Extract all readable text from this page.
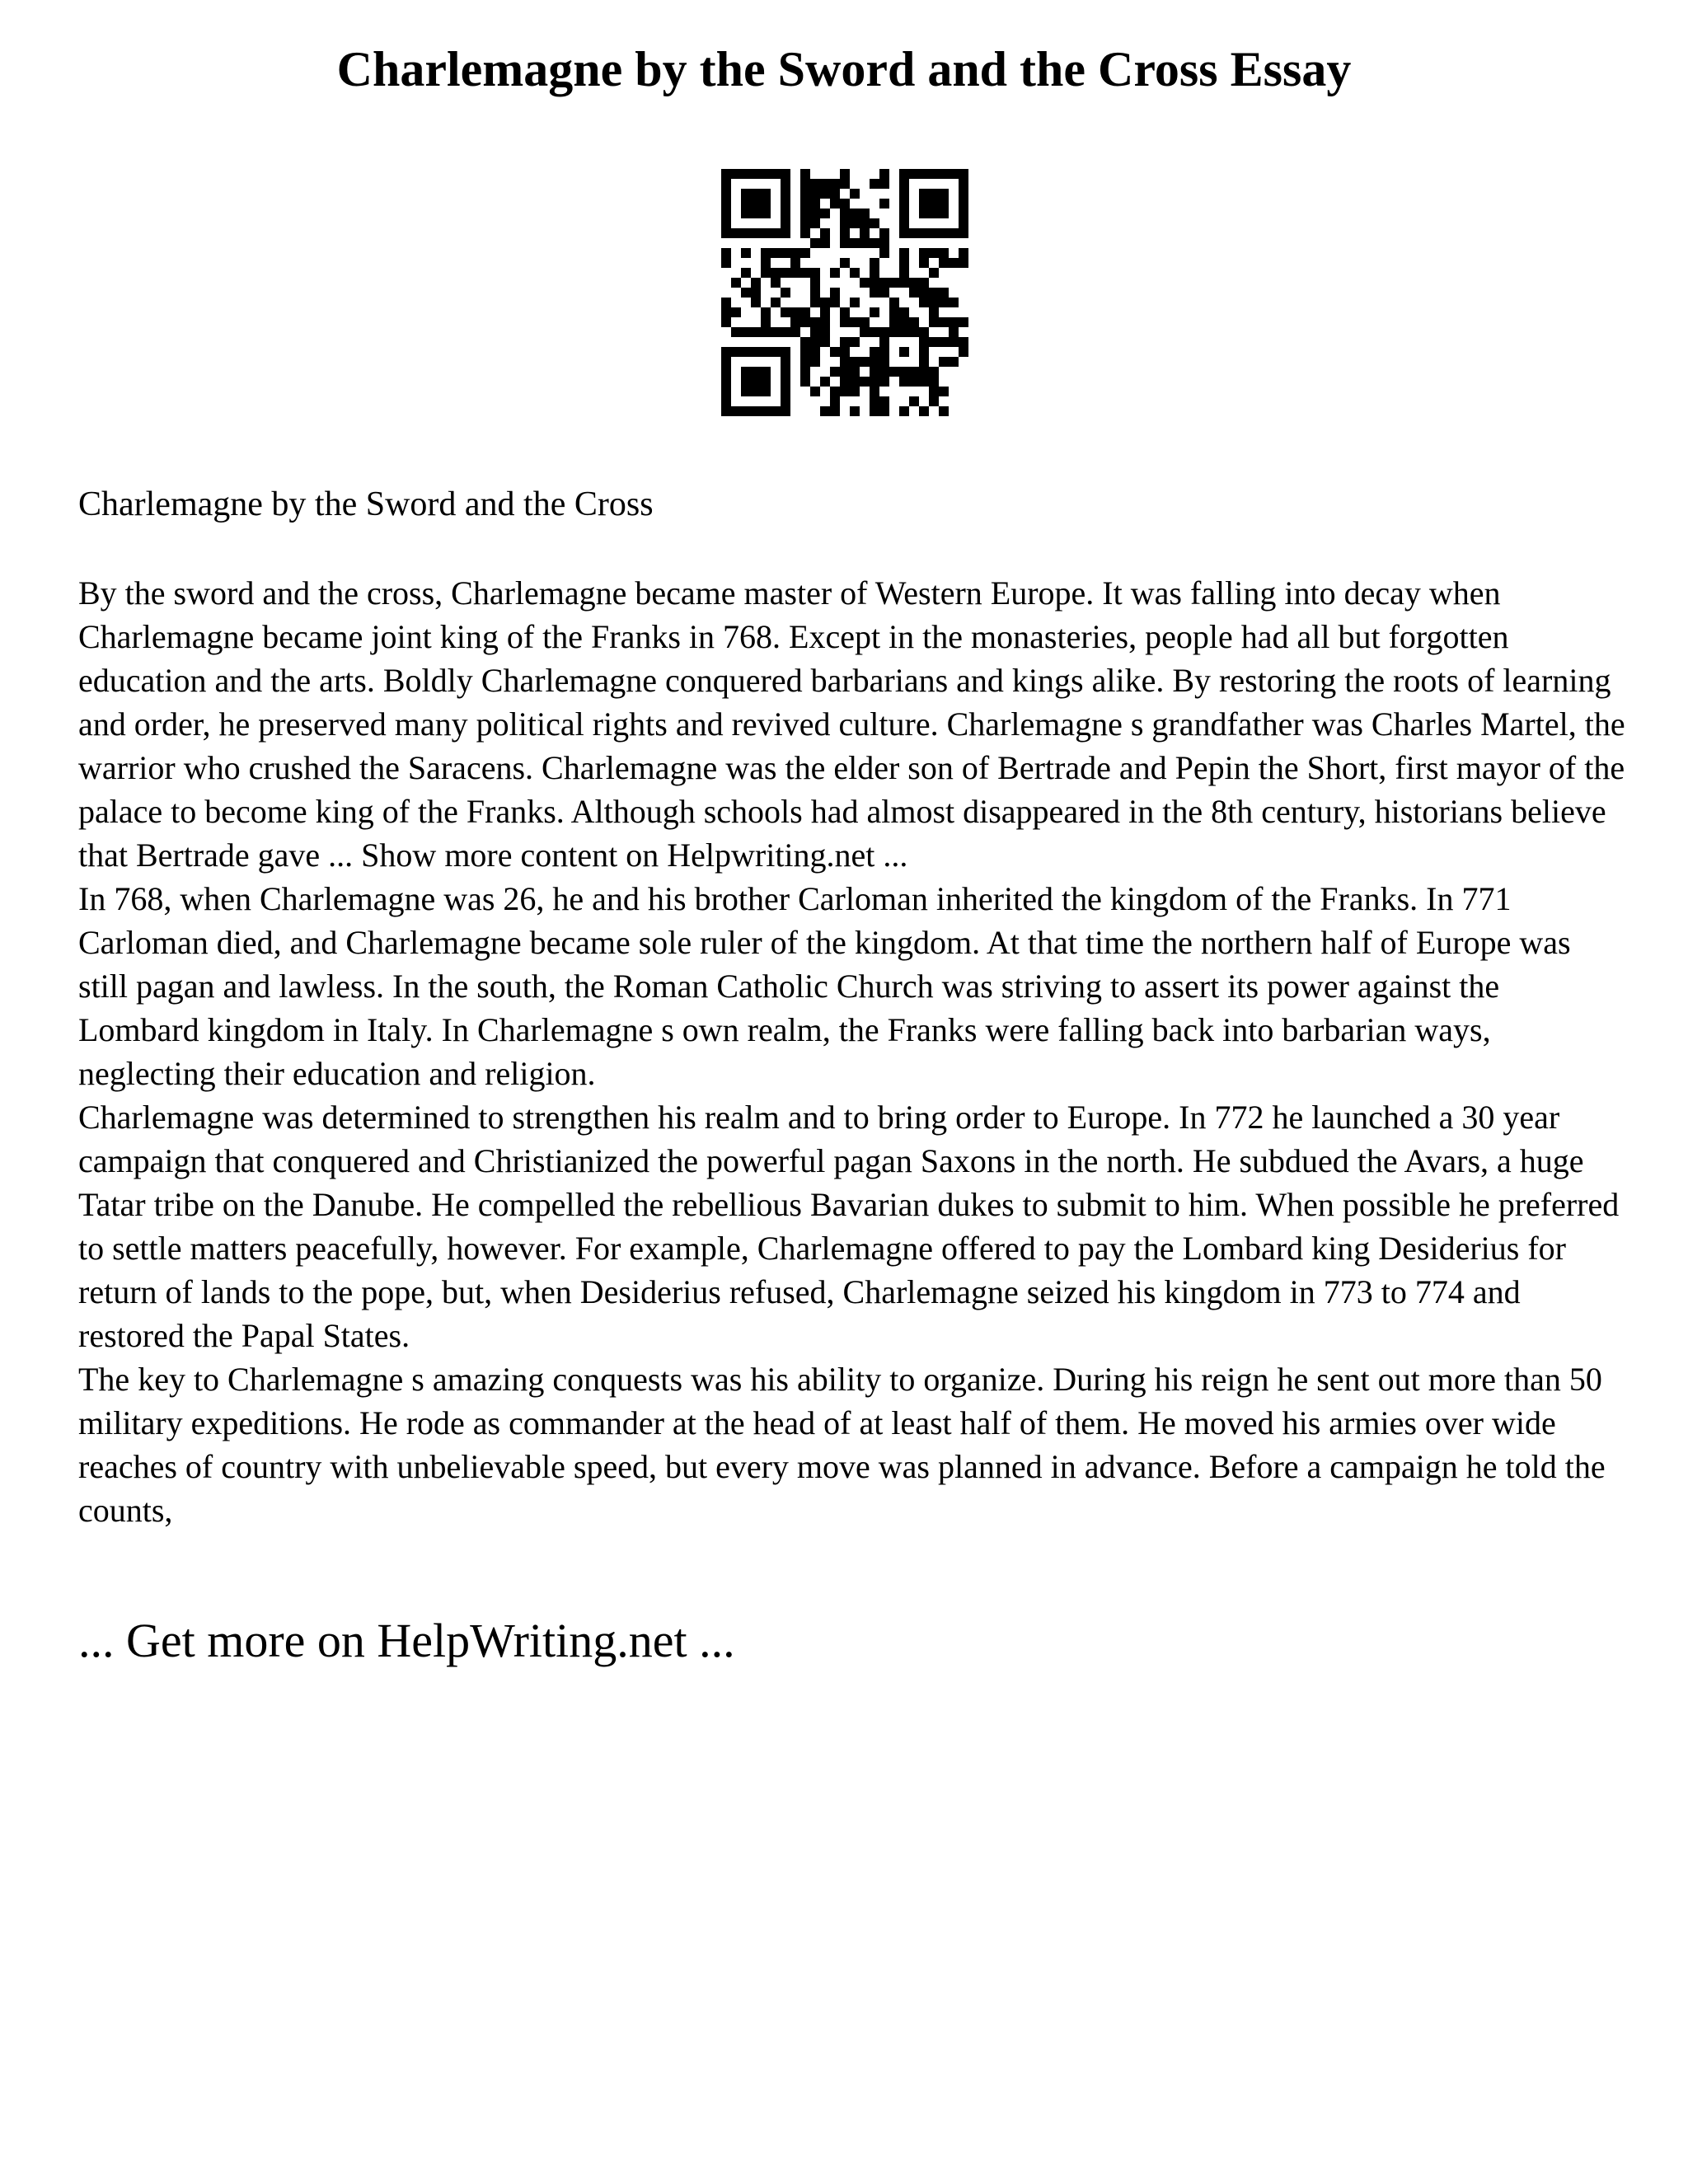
Charlemagne by the Sword and the Cross Essay

Charlemagne by the Sword and the Cross

By the sword and the cross, Charlemagne became master of Western Europe. It was falling into decay when Charlemagne became joint king of the Franks in 768. Except in the monasteries, people had all but forgotten education and the arts. Boldly Charlemagne conquered barbarians and kings alike. By restoring the roots of learning and order, he preserved many political rights and revived culture. Charlemagne s grandfather was Charles Martel, the warrior who crushed the Saracens. Charlemagne was the elder son of Bertrade and Pepin the Short, first mayor of the palace to become king of the Franks. Although schools had almost disappeared in the 8th century, historians believe that Bertrade gave ... Show more content on Helpwriting.net ...

In 768, when Charlemagne was 26, he and his brother Carloman inherited the kingdom of the Franks. In 771 Carloman died, and Charlemagne became sole ruler of the kingdom. At that time the northern half of Europe was still pagan and lawless. In the south, the Roman Catholic Church was striving to assert its power against the Lombard kingdom in Italy. In Charlemagne s own realm, the Franks were falling back into barbarian ways, neglecting their education and religion.

Charlemagne was determined to strengthen his realm and to bring order to Europe. In 772 he launched a 30 year campaign that conquered and Christianized the powerful pagan Saxons in the north. He subdued the Avars, a huge Tatar tribe on the Danube. He compelled the rebellious Bavarian dukes to submit to him. When possible he preferred to settle matters peacefully, however. For example, Charlemagne offered to pay the Lombard king Desiderius for return of lands to the pope, but, when Desiderius refused, Charlemagne seized his kingdom in 773 to 774 and restored the Papal States.

The key to Charlemagne s amazing conquests was his ability to organize. During his reign he sent out more than 50 military expeditions. He rode as commander at the head of at least half of them. He moved his armies over wide reaches of country with unbelievable speed, but every move was planned in advance. Before a campaign he told the counts,

... Get more on HelpWriting.net ...
